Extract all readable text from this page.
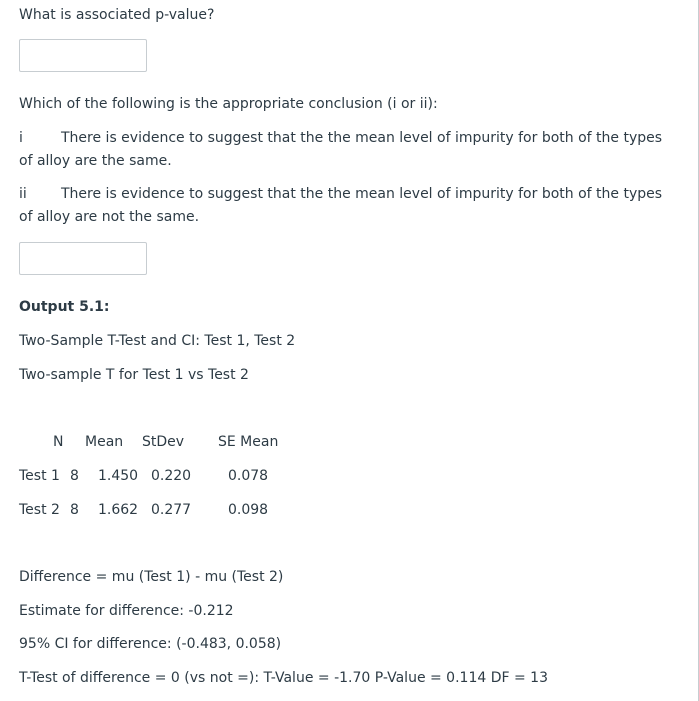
What is associated p-value?
Which of the following is the appropriate conclusion (i or ii):
i	There is evidence to suggest that the the mean level of impurity for both of the types of alloy are the same.
ii There is evidence to suggest that the the mean level of impurity for both of the types of alloy are not the same.
Output 5.1:
Two-Sample T-Test and CI: Test 1, Test 2
Two-sample T for Test 1 vs Test 2
N Mean StDev SE Mean
Test 1 8 1.450 0.220	0.078
Test 2 8 1.662 0.277	0.098
Difference = mu (Test 1) - mu (Test 2)
Estimate for difference: -0.212
95% CI for difference: (-0.483, 0.058)
T-Test of difference = 0 (vs not =): T-Value = -1.70 P-Value = 0.114 DF = 13
